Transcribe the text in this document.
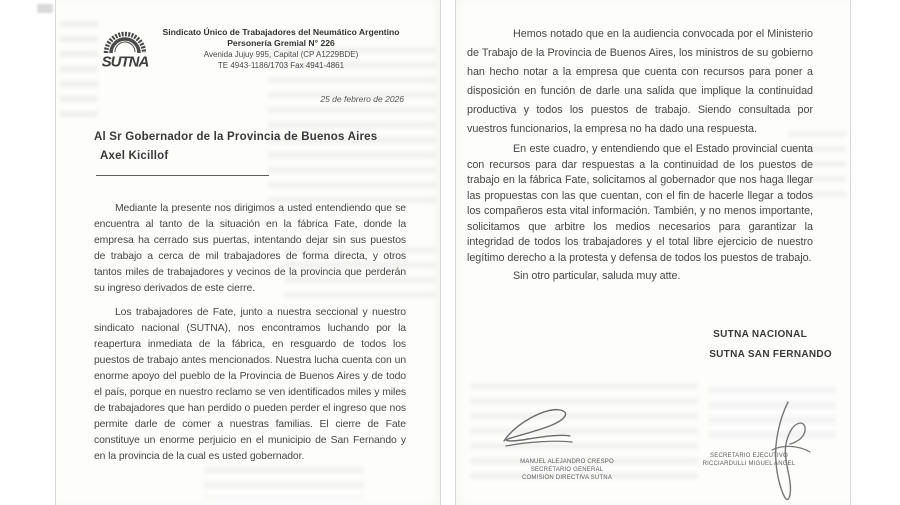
SUTNA
Sindicato Único de Trabajadores del Neumático Argentino
Personería Gremial N° 226
Avenida Jujuy 995, Capital (CP A1229BDE)
TE 4943-1186/1703 Fax 4941-4861
25 de febrero de 2026
Al Sr Gobernador de la Provincia de Buenos Aires
Axel Kicillof

Mediante la presente nos dirigimos a usted entendiendo que se encuentra al tanto de la situación en la fábrica Fate, donde la empresa ha cerrado sus puertas, intentando dejar sin sus puestos de trabajo a cerca de mil trabajadores de forma directa, y otros tantos miles de trabajadores y vecinos de la provincia que perderán su ingreso derivados de este cierre.

Los trabajadores de Fate, junto a nuestra seccional y nuestro sindicato nacional (SUTNA), nos encontramos luchando por la reapertura inmediata de la fábrica, en resguardo de todos los puestos de trabajo antes mencionados. Nuestra lucha cuenta con un enorme apoyo del pueblo de la Provincia de Buenos Aires y de todo el país, porque en nuestro reclamo se ven identificados miles y miles de trabajadores que han perdido o pueden perder el ingreso que nos permite darle de comer a nuestras familias. El cierre de Fate constituye un enorme perjuicio en el municipio de San Fernando y en la provincia de la cual es usted gobernador.

Hemos notado que en la audiencia convocada por el Ministerio de Trabajo de la Provincia de Buenos Aires, los ministros de su gobierno han hecho notar a la empresa que cuenta con recursos para poner a disposición en función de darle una salida que implique la continuidad productiva y todos los puestos de trabajo. Siendo consultada por vuestros funcionarios, la empresa no ha dado una respuesta.

En este cuadro, y entendiendo que el Estado provincial cuenta con recursos para dar respuestas a la continuidad de los puestos de trabajo en la fábrica Fate, solicitamos al gobernador que nos haga llegar las propuestas con las que cuentan, con el fin de hacerle llegar a todos los compañeros esta vital información. También, y no menos importante, solicitamos que arbitre los medios necesarios para garantizar la integridad de todos los trabajadores y el total libre ejercicio de nuestro legítimo derecho a la protesta y defensa de todos los puestos de trabajo.

Sin otro particular, saluda muy atte.

SUTNA NACIONAL
SUTNA SAN FERNANDO
MANUEL ALEJANDRO CRESPO
SECRETARIO GENERAL
COMISION DIRECTIVA SUTNA
SECRETARIO EJECUTIVO
RICCIARDULLI MIGUEL ANGEL
